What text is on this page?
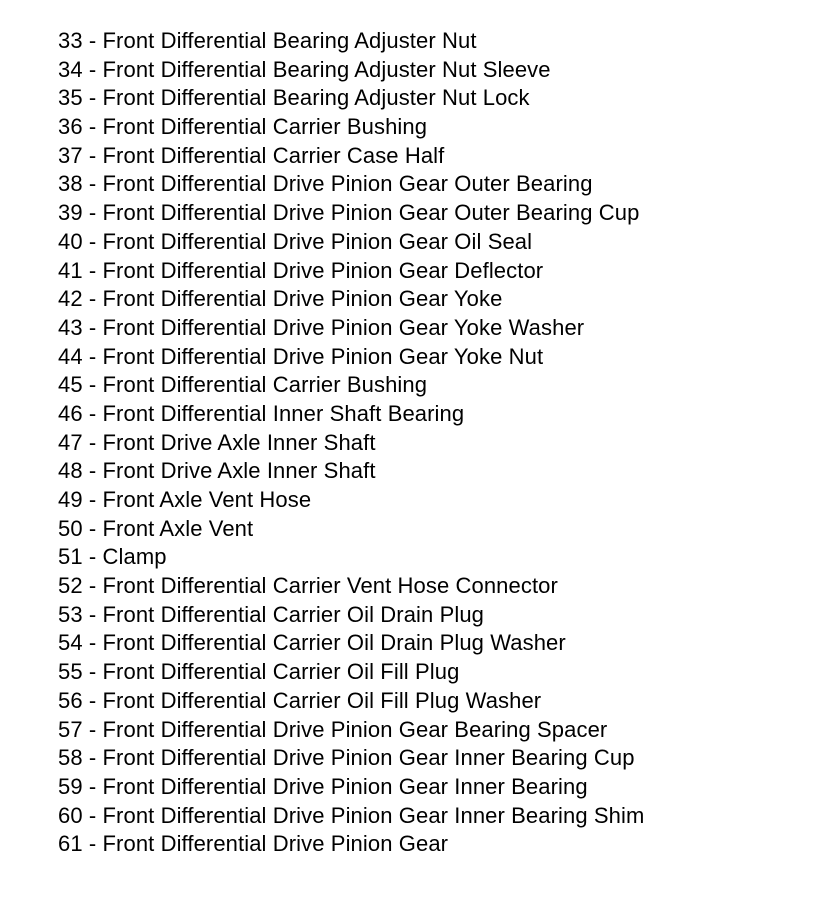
33 - Front Differential Bearing Adjuster Nut
34 - Front Differential Bearing Adjuster Nut Sleeve
35 - Front Differential Bearing Adjuster Nut Lock
36 - Front Differential Carrier Bushing
37 - Front Differential Carrier Case Half
38 - Front Differential Drive Pinion Gear Outer Bearing
39 - Front Differential Drive Pinion Gear Outer Bearing Cup
40 - Front Differential Drive Pinion Gear Oil Seal
41 - Front Differential Drive Pinion Gear Deflector
42 - Front Differential Drive Pinion Gear Yoke
43 - Front Differential Drive Pinion Gear Yoke Washer
44 - Front Differential Drive Pinion Gear Yoke Nut
45 - Front Differential Carrier Bushing
46 - Front Differential Inner Shaft Bearing
47 - Front Drive Axle Inner Shaft
48 - Front Drive Axle Inner Shaft
49 - Front Axle Vent Hose
50 - Front Axle Vent
51 - Clamp
52 - Front Differential Carrier Vent Hose Connector
53 - Front Differential Carrier Oil Drain Plug
54 - Front Differential Carrier Oil Drain Plug Washer
55 - Front Differential Carrier Oil Fill Plug
56 - Front Differential Carrier Oil Fill Plug Washer
57 - Front Differential Drive Pinion Gear Bearing Spacer
58 - Front Differential Drive Pinion Gear Inner Bearing Cup
59 - Front Differential Drive Pinion Gear Inner Bearing
60 - Front Differential Drive Pinion Gear Inner Bearing Shim
61 - Front Differential Drive Pinion Gear
